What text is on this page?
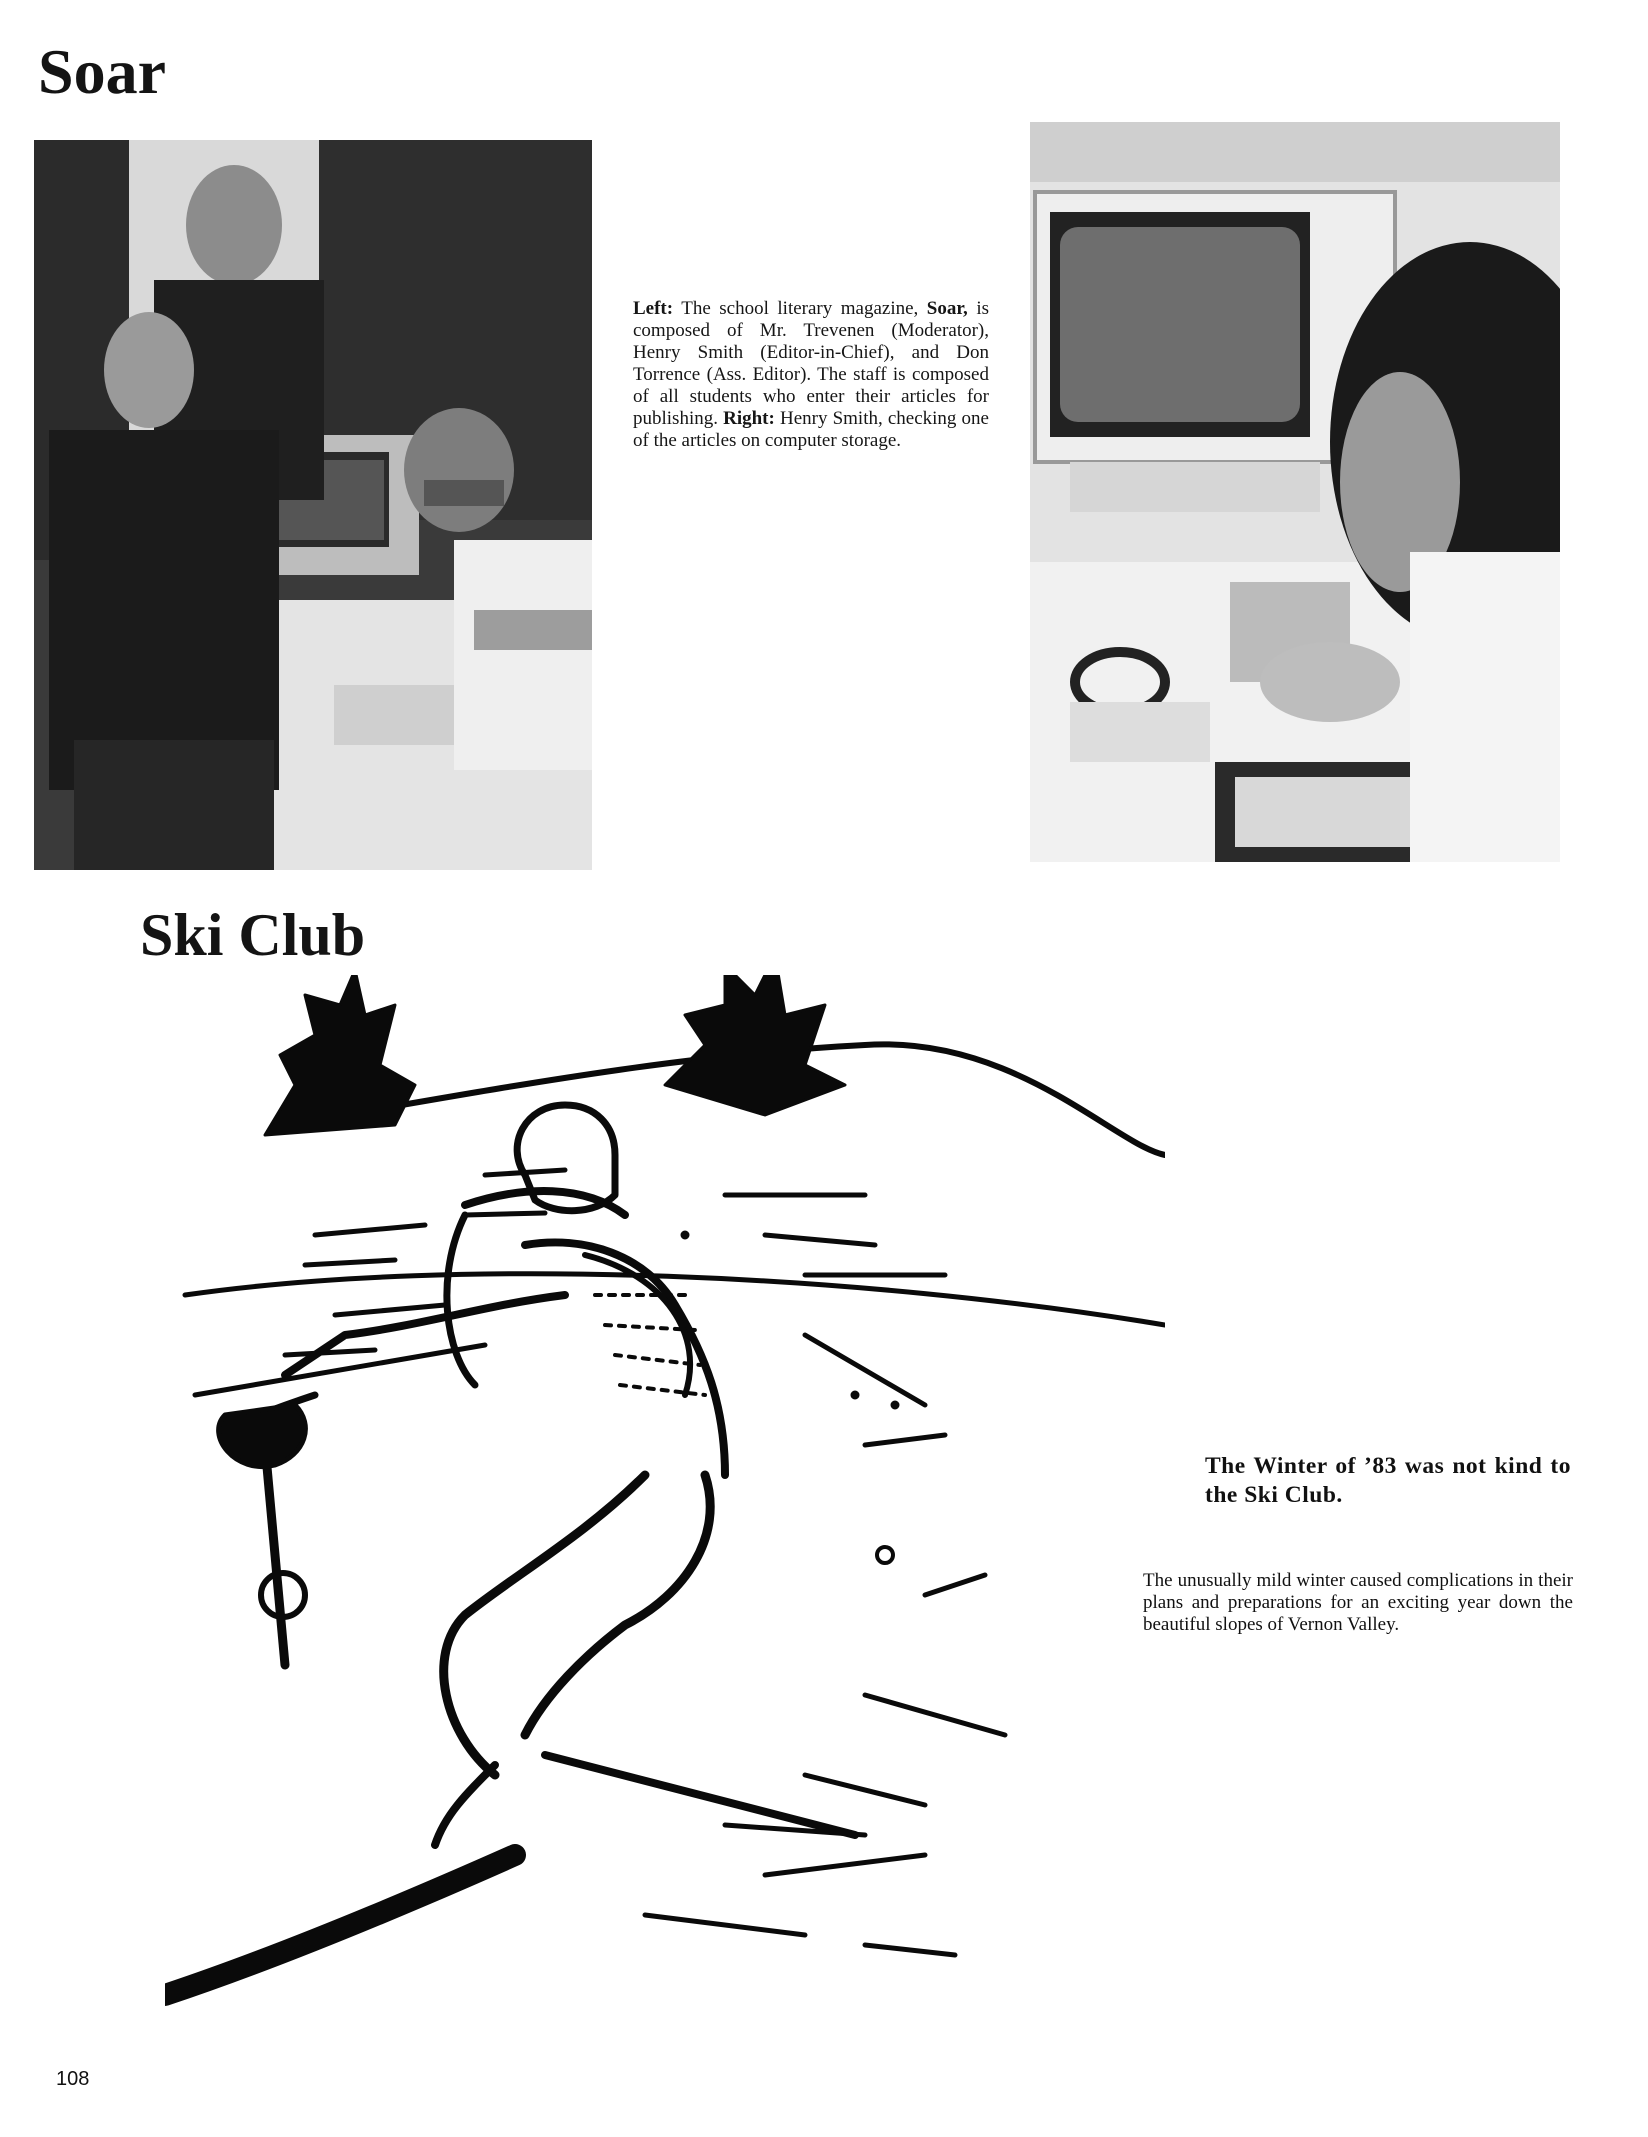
Soar
Left: The school literary magazine, Soar, is composed of Mr. Trevenen (Moderator), Henry Smith (Editor-in-Chief), and Don Torrence (Ass. Editor). The staff is composed of all students who enter their articles for publishing. Right: Henry Smith, checking one of the articles on computer storage.
Ski Club
The Winter of ’83 was not kind to the Ski Club.
The unusually mild winter caused complications in their plans and preparations for an exciting year down the beautiful slopes of Vernon Valley.
108
